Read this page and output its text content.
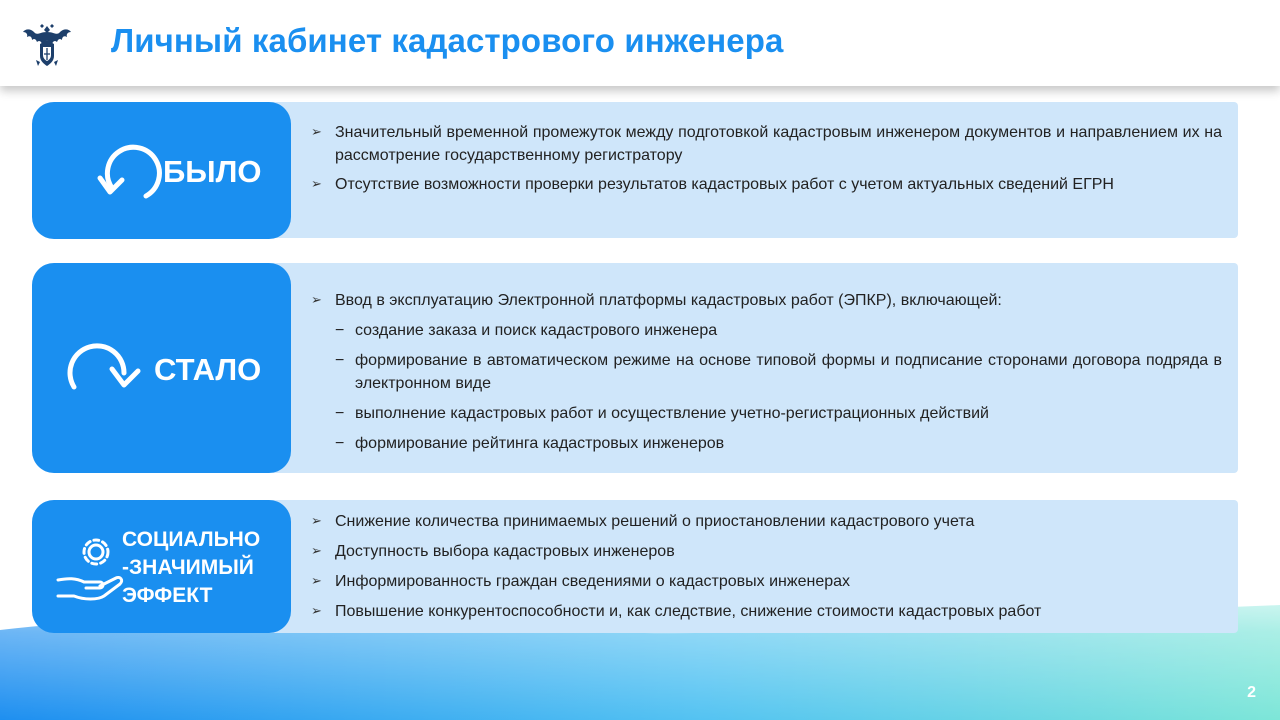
Личный кабинет кадастрового инженера
БЫЛО
➢ Значительный временной промежуток между подготовкой кадастровым инженером документов и направлением их на рассмотрение государственному регистратору
➢ Отсутствие возможности проверки результатов кадастровых работ с учетом актуальных сведений ЕГРН
СТАЛО
➢ Ввод в эксплуатацию Электронной платформы кадастровых работ (ЭПКР), включающей:
− создание заказа и поиск кадастрового инженера
− формирование в автоматическом режиме на основе типовой формы и подписание сторонами договора подряда в электронном виде
− выполнение кадастровых работ и осуществление учетно-регистрационных действий
− формирование рейтинга кадастровых инженеров
СОЦИАЛЬНО
-ЗНАЧИМЫЙ
ЭФФЕКТ
➢ Снижение количества принимаемых решений о приостановлении кадастрового учета
➢ Доступность выбора кадастровых инженеров
➢ Информированность граждан сведениями о кадастровых инженерах
➢ Повышение конкурентоспособности и, как следствие, снижение стоимости кадастровых работ
2
